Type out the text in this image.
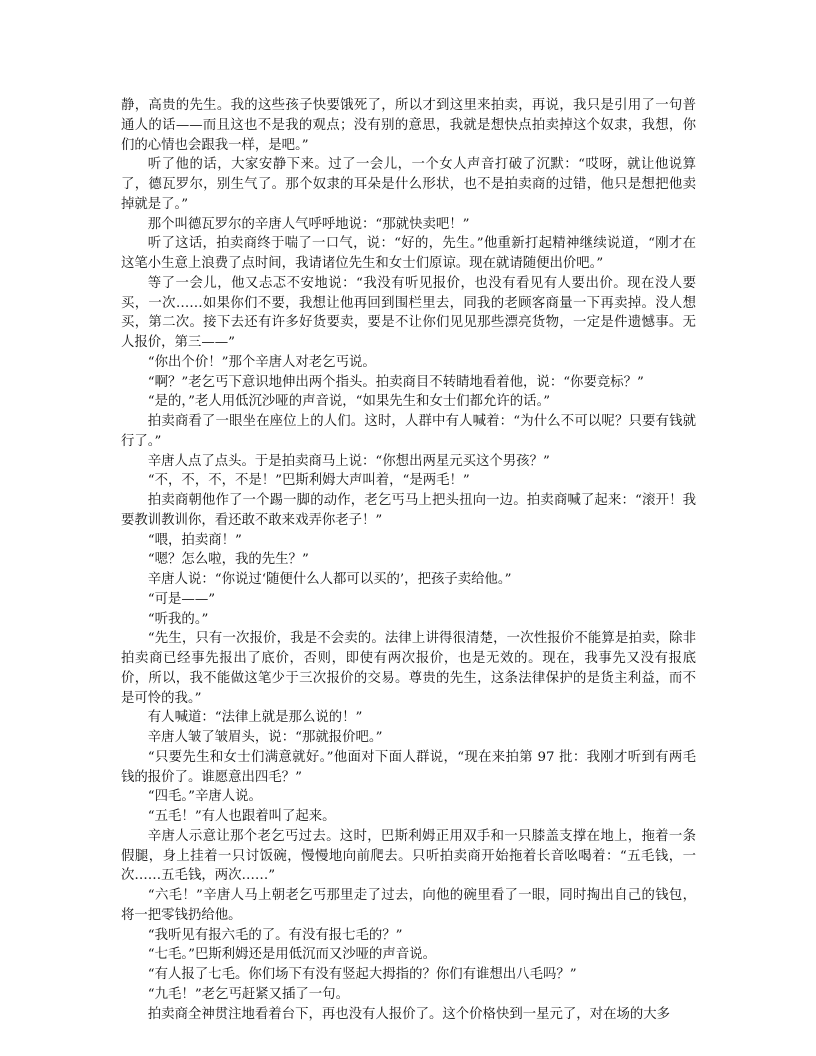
静，高贵的先生。我的这些孩子快要饿死了，所以才到这里来拍卖，再说，我只是引用了一句普通人的话——而且这也不是我的观点；没有别的意思，我就是想快点拍卖掉这个奴隶，我想，你们的心情也会跟我一样，是吧。”

听了他的话，大家安静下来。过了一会儿，一个女人声音打破了沉默：“哎呀，就让他说算了，德瓦罗尔，别生气了。那个奴隶的耳朵是什么形状，也不是拍卖商的过错，他只是想把他卖掉就是了。”

那个叫德瓦罗尔的辛唐人气呼呼地说：“那就快卖吧！”

听了这话，拍卖商终于喘了一口气，说：“好的，先生。”他重新打起精神继续说道，“刚才在这笔小生意上浪费了点时间，我请诸位先生和女士们原谅。现在就请随便出价吧。”

等了一会儿，他又忐忑不安地说：“我没有听见报价，也没有看见有人要出价。现在没人要买，一次……如果你们不要，我想让他再回到围栏里去，同我的老顾客商量一下再卖掉。没人想买，第二次。接下去还有许多好货要卖，要是不让你们见见那些漂亮货物，一定是件遗憾事。无人报价，第三——”

“你出个价！”那个辛唐人对老乞丐说。

“啊？”老乞丐下意识地伸出两个指头。拍卖商目不转睛地看着他，说：“你要竞标？”

“是的，”老人用低沉沙哑的声音说，“如果先生和女士们都允许的话。”

拍卖商看了一眼坐在座位上的人们。这时，人群中有人喊着：“为什么不可以呢？只要有钱就行了。”

辛唐人点了点头。于是拍卖商马上说：“你想出两星元买这个男孩？”

“不，不，不，不是！”巴斯利姆大声叫着，“是两毛！”

拍卖商朝他作了一个踢一脚的动作，老乞丐马上把头扭向一边。拍卖商喊了起来：“滚开！我要教训教训你，看还敢不敢来戏弄你老子！”

“喂，拍卖商！”

“嗯？怎么啦，我的先生？”

辛唐人说：“你说过‘随便什么人都可以买的’，把孩子卖给他。”

“可是——”

“听我的。”

“先生，只有一次报价，我是不会卖的。法律上讲得很清楚，一次性报价不能算是拍卖，除非拍卖商已经事先报出了底价，否则，即使有两次报价，也是无效的。现在，我事先又没有报底价，所以，我不能做这笔少于三次报价的交易。尊贵的先生，这条法律保护的是货主利益，而不是可怜的我。”

有人喊道：“法律上就是那么说的！”

辛唐人皱了皱眉头，说：“那就报价吧。”

“只要先生和女士们满意就好。”他面对下面人群说，“现在来拍第 97 批：我刚才听到有两毛钱的报价了。谁愿意出四毛？”

“四毛。”辛唐人说。

“五毛！”有人也跟着叫了起来。

辛唐人示意让那个老乞丐过去。这时，巴斯利姆正用双手和一只膝盖支撑在地上，拖着一条假腿，身上挂着一只讨饭碗，慢慢地向前爬去。只听拍卖商开始拖着长音吆喝着：“五毛钱，一次……五毛钱，两次……”

“六毛！”辛唐人马上朝老乞丐那里走了过去，向他的碗里看了一眼，同时掏出自己的钱包，将一把零钱扔给他。

“我听见有报六毛的了。有没有报七毛的？”

“七毛。”巴斯利姆还是用低沉而又沙哑的声音说。

“有人报了七毛。你们场下有没有竖起大拇指的？你们有谁想出八毛吗？”

“九毛！”老乞丐赶紧又插了一句。

拍卖商全神贯注地看着台下，再也没有人报价了。这个价格快到一星元了，对在场的大多
